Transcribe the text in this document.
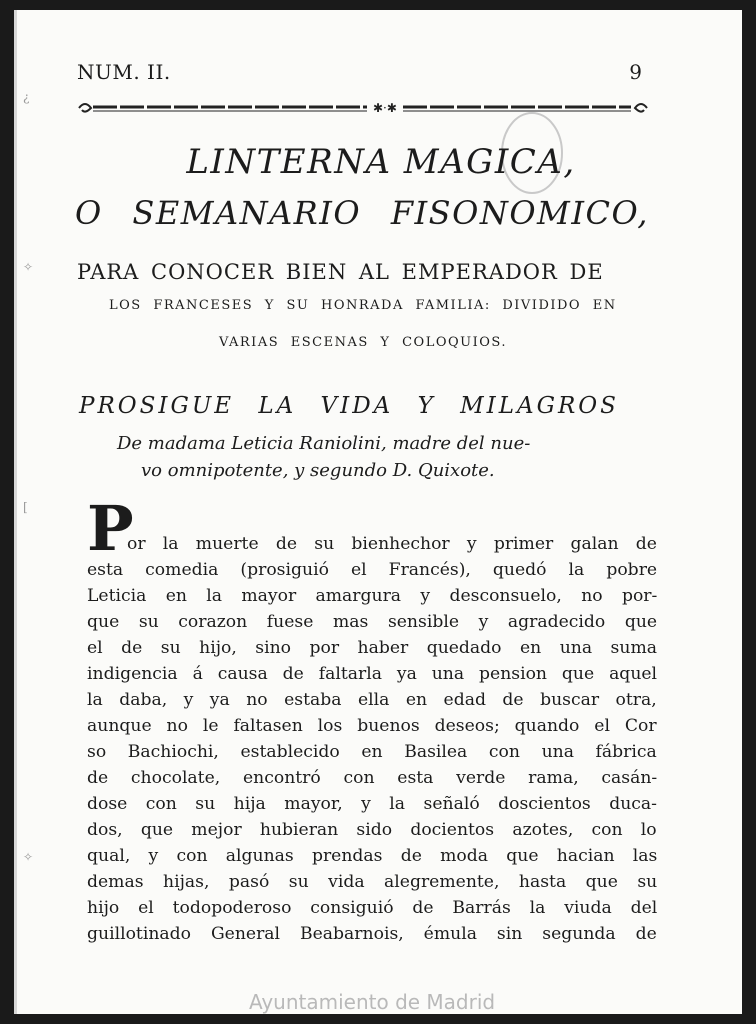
¿
✧
[
✧
NUM. II.	9
✱·✱
LINTERNA MAGICA,
O SEMANARIO FISONOMICO,
PARA CONOCER BIEN AL EMPERADOR DE
LOS FRANCESES Y SU HONRADA FAMILIA: DIVIDIDO EN
VARIAS ESCENAS Y COLOQUIOS.
PROSIGUE LA VIDA Y MILAGROS
De madama Leticia Raniolini, madre del nue-
vo omnipotente, y segundo D. Quixote.
P
or la muerte de su bienhechor y primer galan de
esta comedia (prosiguió el Francés), quedó la pobre
Leticia en la mayor amargura y desconsuelo, no por-
que su corazon fuese mas sensible y agradecido que
el de su hijo, sino por haber quedado en una suma
indigencia á causa de faltarla ya una pension que aquel
la daba, y ya no estaba ella en edad de buscar otra,
aunque no le faltasen los buenos deseos; quando el Cor
so Bachiochi, establecido en Basilea con una fábrica
de chocolate, encontró con esta verde rama, casán-
dose con su hija mayor, y la señaló doscientos duca-
dos, que mejor hubieran sido docientos azotes, con lo
qual, y con algunas prendas de moda que hacian las
demas hijas, pasó su vida alegremente, hasta que su
hijo el todopoderoso consiguió de Barrás la viuda del
guillotinado General Beabarnois, émula sin segunda de
Ayuntamiento de Madrid
